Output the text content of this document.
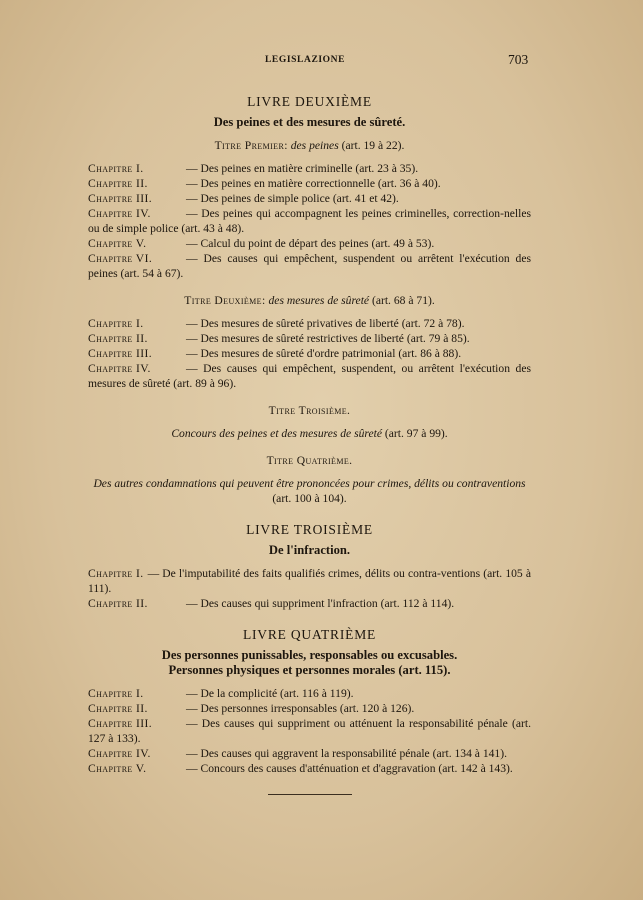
LEGISLAZIONE	703
LIVRE DEUXIÈME
Des peines et des mesures de sûreté.
Titre Premier: des peines (art. 19 à 22).
Chapitre I.	— Des peines en matière criminelle (art. 23 à 35).
Chapitre II.	— Des peines en matière correctionnelle (art. 36 à 40).
Chapitre III.	— Des peines de simple police (art. 41 et 42).
Chapitre IV.	— Des peines qui accompagnent les peines criminelles, correction-nelles ou de simple police (art. 43 à 48).
Chapitre V.	— Calcul du point de départ des peines (art. 49 à 53).
Chapitre VI.	— Des causes qui empêchent, suspendent ou arrêtent l'exécution des peines (art. 54 à 67).
Titre Deuxième: des mesures de sûreté (art. 68 à 71).
Chapitre I.	— Des mesures de sûreté privatives de liberté (art. 72 à 78).
Chapitre II.	— Des mesures de sûreté restrictives de liberté (art. 79 à 85).
Chapitre III.	— Des mesures de sûreté d'ordre patrimonial (art. 86 à 88).
Chapitre IV.	— Des causes qui empêchent, suspendent, ou arrêtent l'exécution des mesures de sûreté (art. 89 à 96).
Titre Troisième.
Concours des peines et des mesures de sûreté (art. 97 à 99).
Titre Quatrième.
Des autres condamnations qui peuvent être prononcées pour crimes, délits ou contraventions
(art. 100 à 104).
LIVRE TROISIÈME
De l'infraction.
Chapitre I. — De l'imputabilité des faits qualifiés crimes, délits ou contra-ventions (art. 105 à 111).
Chapitre II.	— Des causes qui suppriment l'infraction (art. 112 à 114).
LIVRE QUATRIÈME
Des personnes punissables, responsables ou excusables.
Personnes physiques et personnes morales (art. 115).
Chapitre I.	— De la complicité (art. 116 à 119).
Chapitre II.	— Des personnes irresponsables (art. 120 à 126).
Chapitre III.	— Des causes qui suppriment ou atténuent la responsabilité pénale (art. 127 à 133).
Chapitre IV.	— Des causes qui aggravent la responsabilité pénale (art. 134 à 141).
Chapitre V.	— Concours des causes d'atténuation et d'aggravation (art. 142 à 143).
